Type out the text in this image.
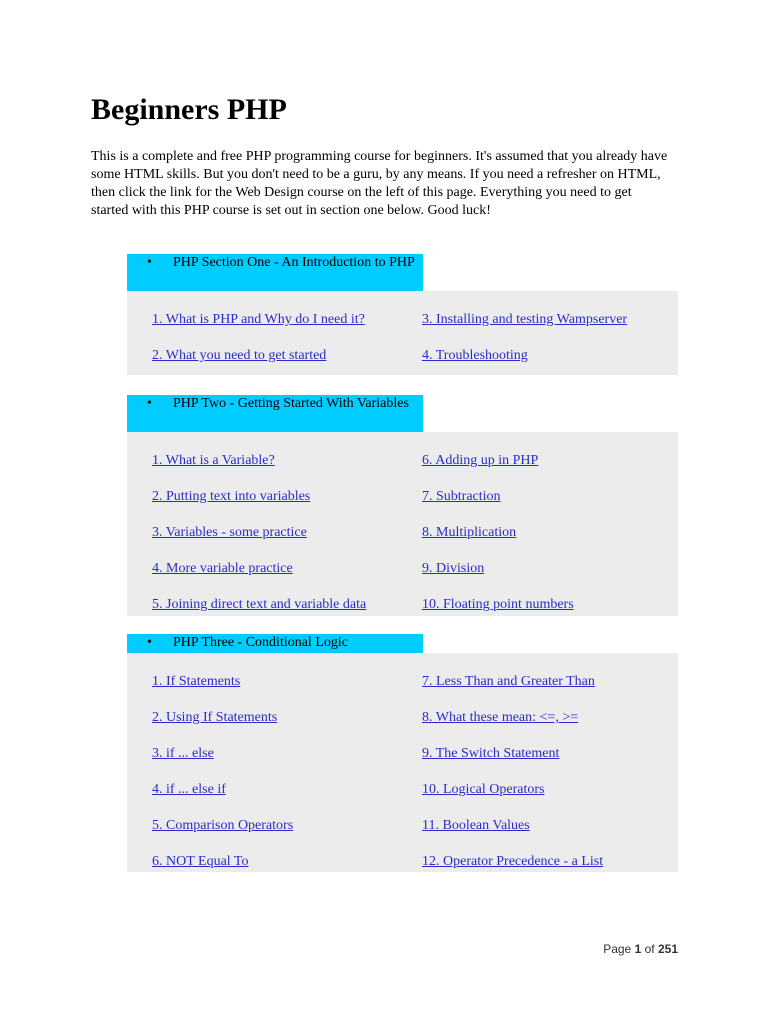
Beginners PHP

This is a complete and free PHP programming course for beginners. It's assumed that you already have some HTML skills. But you don't need to be a guru, by any means. If you need a refresher on HTML, then click the link for the Web Design course on the left of this page. Everything you need to get started with this PHP course is set out in section one below. Good luck!

• PHP Section One - An Introduction to PHP
1. What is PHP and Why do I need it?	3. Installing and testing Wampserver
2. What you need to get started	4. Troubleshooting
• PHP Two - Getting Started With Variables
1. What is a Variable?	6. Adding up in PHP
2. Putting text into variables	7. Subtraction
3. Variables - some practice	8. Multiplication
4. More variable practice	9. Division
5. Joining direct text and variable data	10. Floating point numbers
• PHP Three - Conditional Logic
1. If Statements	7. Less Than and Greater Than
2. Using If Statements	8. What these mean: <=, >=
3. if ... else	9. The Switch Statement
4. if ... else if	10. Logical Operators
5. Comparison Operators	11. Boolean Values
6. NOT Equal To	12. Operator Precedence - a List
Page 1 of 251
